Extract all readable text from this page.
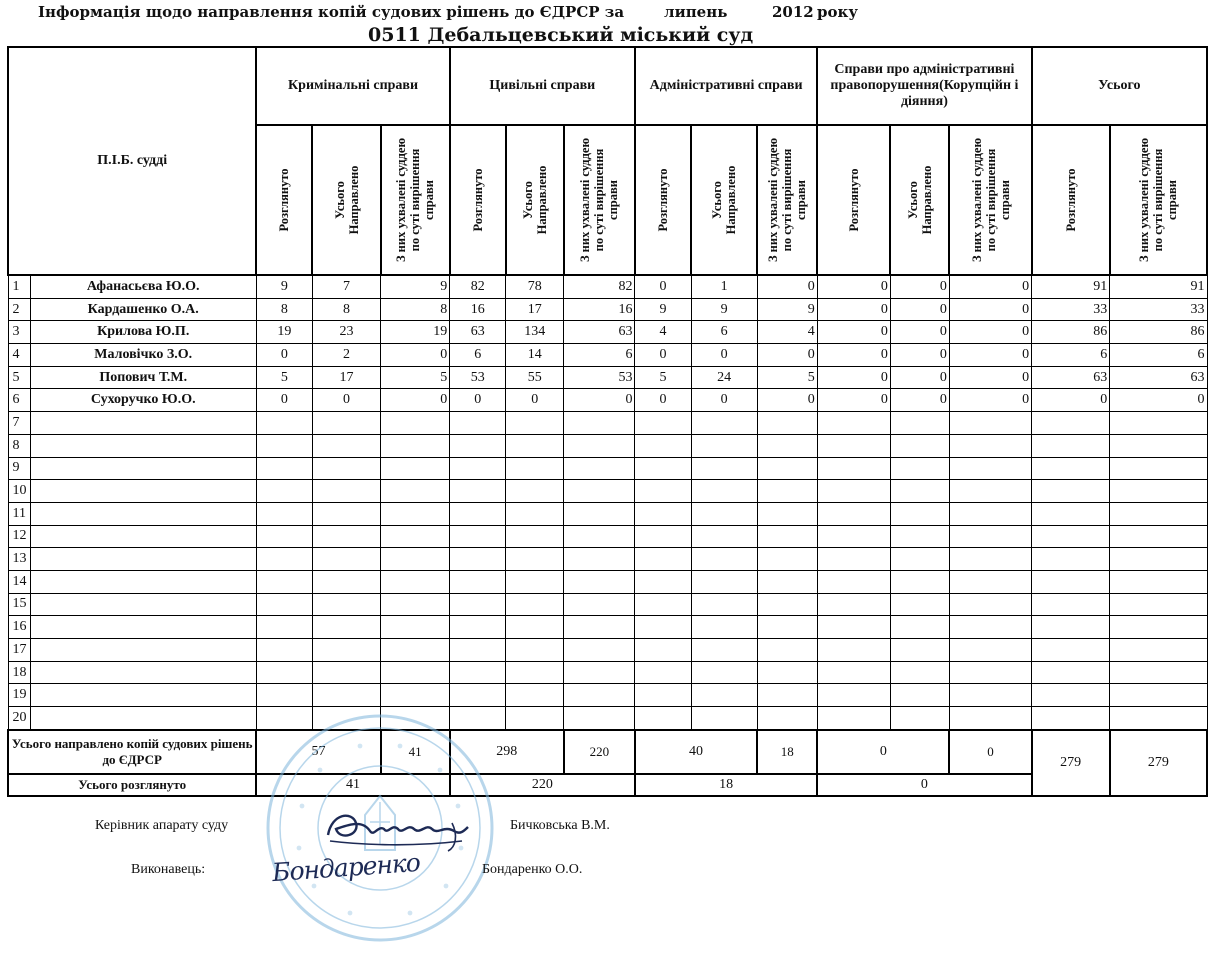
Інформація щодо направлення копій судових рішень до ЄДРСР за	липень	2012 року
0511 Дебальцевський міський суд
П.І.Б. судді		Кримінальні справи			Цивільні справи			Адміністративні справи			Справи про адміністративні правопорушення(Корупційн і діяння)			Усього	

		Розглянуто	Усього Направлено	З них ухвалені суддею по суті вирішення справи	Розглянуто	Усього Направлено	З них ухвалені суддею по суті вирішення справи	Розглянуто	Усього Направлено	З них ухвалені суддею по суті вирішення справи	Розглянуто	Усього Направлено	З них ухвалені суддею по суті вирішення справи	Розглянуто	З них ухвалені суддею по суті вирішення справи

1	Афанасьєва Ю.О.	9	7	9	82	78	82	0	1	0	0	0	0	91	91
2	Кардашенко О.А.	8	8	8	16	17	16	9	9	9	0	0	0	33	33
3	Крилова Ю.П.	19	23	19	63	134	63	4	6	4	0	0	0	86	86
4	Маловічко З.О.	0	2	0	6	14	6	0	0	0	0	0	0	6	6
5	Попович Т.М.	5	17	5	53	55	53	5	24	5	0	0	0	63	63
6	Сухоручко Ю.О.	0	0	0	0	0	0	0	0	0	0	0	0	0	0
7															
8															
9															
10															
11															
12															
13															
14															
15															
16															
17															
18															
19															
20															
Усього направлено копій судових рішень до ЄДРСР		57		41	298		220	40		18	0		0	279	279
Усього розглянуто		41			220			18			0				
Керівник апарату суду	Бичковська В.М.
Виконавець:	Бондаренко	Бондаренко О.О.
